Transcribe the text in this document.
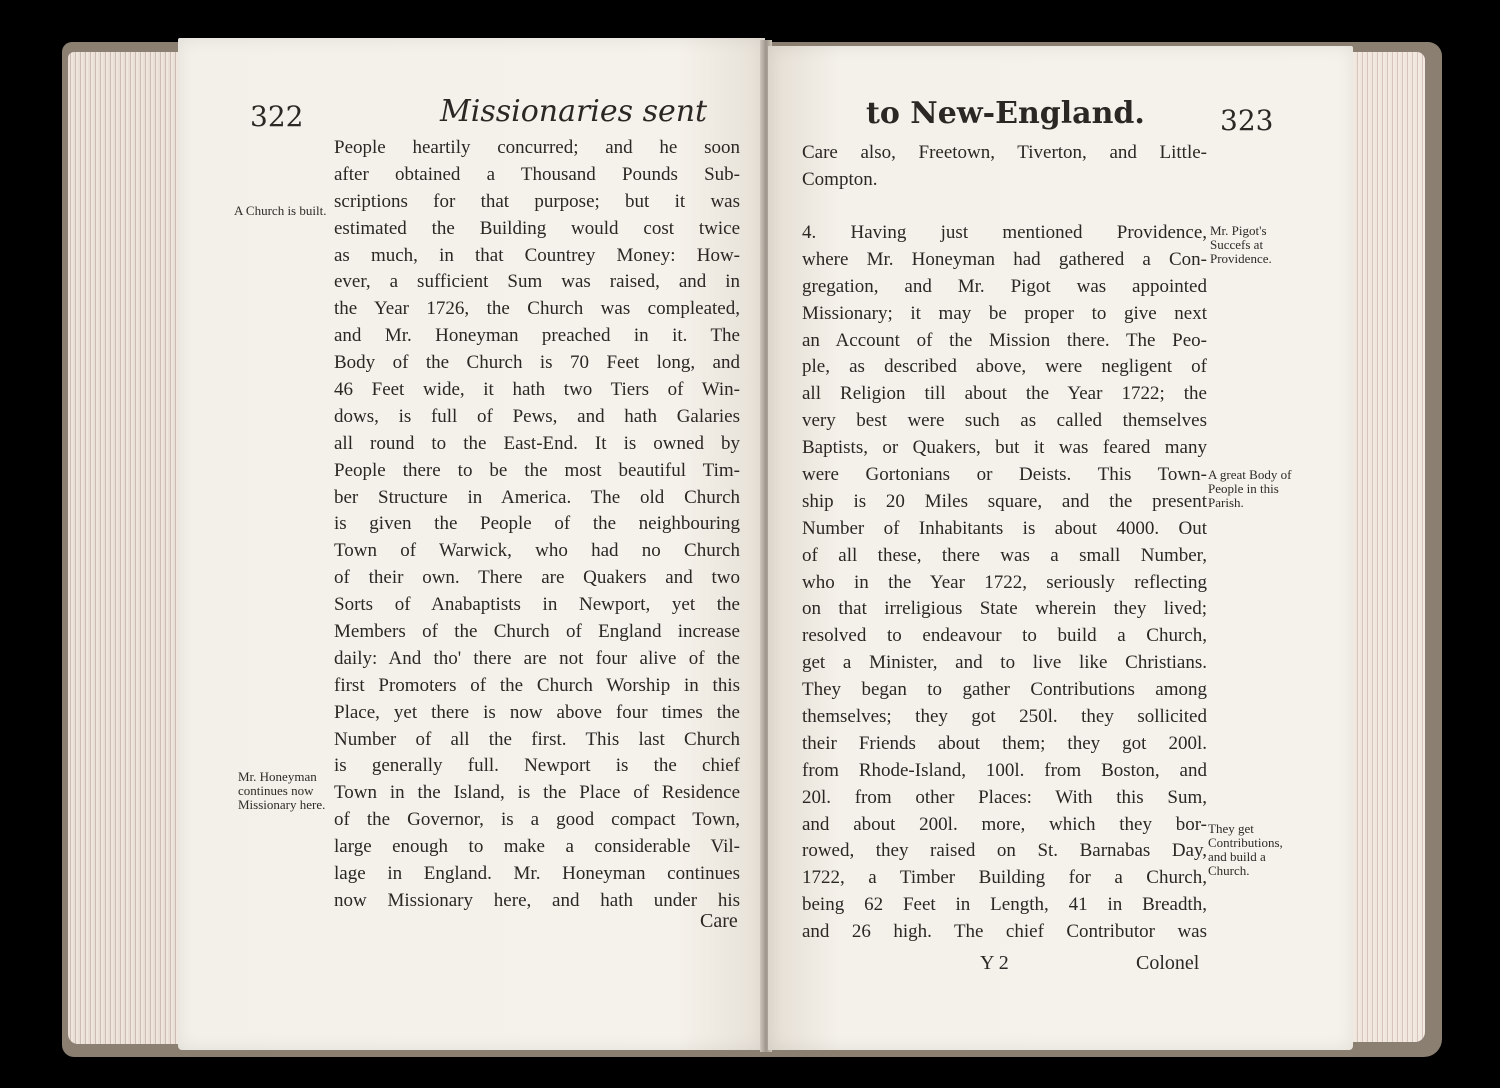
322	Missionaries sent
A Church is built.
Mr. Honeyman continues now Missionary here.
People heartily concurred; and he soon
after obtained a Thousand Pounds Sub-
scriptions for that purpose; but it was
estimated the Building would cost twice
as much, in that Countrey Money: How-
ever, a sufficient Sum was raised, and in
the Year 1726, the Church was compleated,
and Mr. Honeyman preached in it. The
Body of the Church is 70 Feet long, and
46 Feet wide, it hath two Tiers of Win-
dows, is full of Pews, and hath Galaries
all round to the East-End. It is owned by
People there to be the most beautiful Tim-
ber Structure in America. The old Church
is given the People of the neighbouring
Town of Warwick, who had no Church
of their own. There are Quakers and two
Sorts of Anabaptists in Newport, yet the
Members of the Church of England increase
daily: And tho' there are not four alive of the
first Promoters of the Church Worship in this
Place, yet there is now above four times the
Number of all the first. This last Church
is generally full. Newport is the chief
Town in the Island, is the Place of Residence
of the Governor, is a good compact Town,
large enough to make a considerable Vil-
lage in England. Mr. Honeyman continues
now Missionary here, and hath under his
Care
to New-England.	323
Care also, Freetown, Tiverton, and Little-
Compton.
4. Having just mentioned Providence,
where Mr. Honeyman had gathered a Con-
gregation, and Mr. Pigot was appointed
Missionary; it may be proper to give next
an Account of the Mission there. The Peo-
ple, as described above, were negligent of
all Religion till about the Year 1722; the
very best were such as called themselves
Baptists, or Quakers, but it was feared many
were Gortonians or Deists. This Town-
ship is 20 Miles square, and the present
Number of Inhabitants is about 4000. Out
of all these, there was a small Number,
who in the Year 1722, seriously reflecting
on that irreligious State wherein they lived;
resolved to endeavour to build a Church,
get a Minister, and to live like Christians.
They began to gather Contributions among
themselves; they got 250l. they sollicited
their Friends about them; they got 200l.
from Rhode-Island, 100l. from Boston, and
20l. from other Places: With this Sum,
and about 200l. more, which they bor-
rowed, they raised on St. Barnabas Day,
1722, a Timber Building for a Church,
being 62 Feet in Length, 41 in Breadth,
and 26 high. The chief Contributor was
Mr. Pigot's Succefs at Providence.
A great Body of People in this Parish.
They get Contributions, and build a Church.
Y 2	Colonel
